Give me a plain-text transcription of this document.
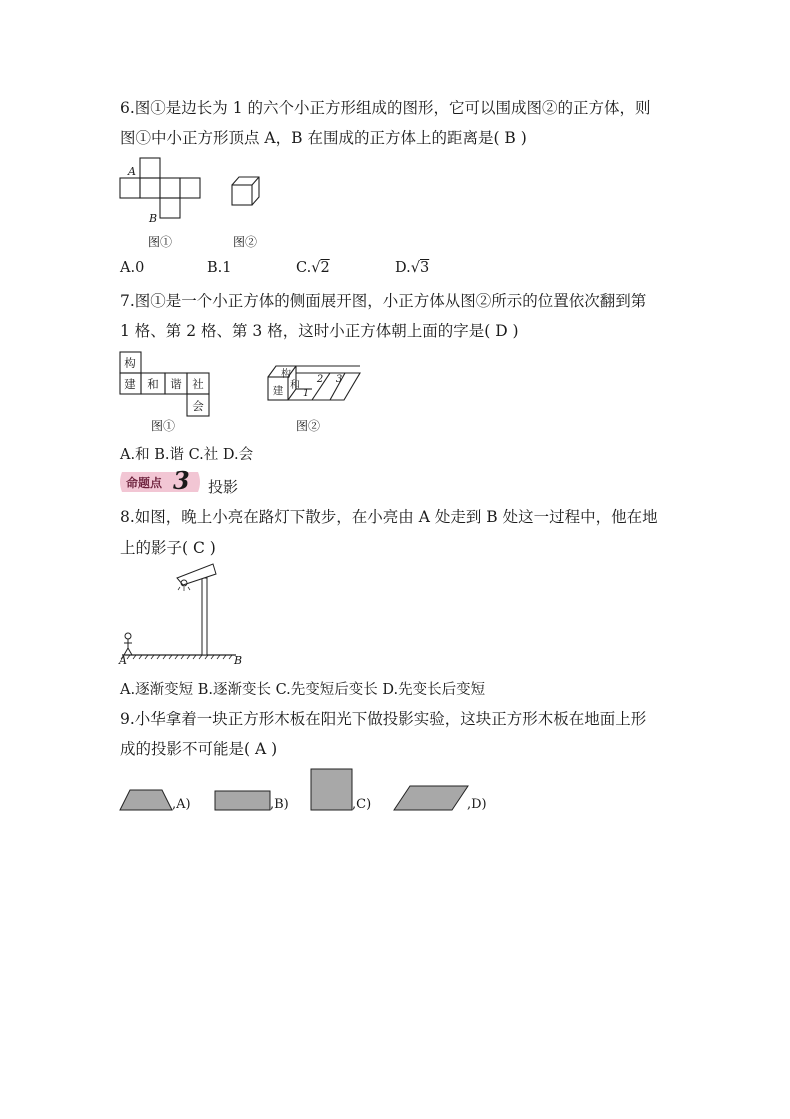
6.图①是边长为 1 的六个小正方形组成的图形，它可以围成图②的正方体，则
图①中小正方形顶点 A，B 在围成的正方体上的距离是( B )
A
B
图①	图②
A.0	B.1	C.√2	D.√3
7.图①是一个小正方体的侧面展开图，小正方体从图②所示的位置依次翻到第
1 格、第 2 格、第 3 格，这时小正方体朝上面的字是( D )
构
建	和	谐 社
会
图①
构
建 和
1
2	3
图②
A.和 B.谐 C.社 D.会
命题点 3 投影
8.如图，晚上小亮在路灯下散步，在小亮由 A 处走到 B 处这一过程中，他在地
上的影子( C )
A	B
A.逐渐变短 B.逐渐变长 C.先变短后变长 D.先变长后变短
9.小华拿着一块正方形木板在阳光下做投影实验，这块正方形木板在地面上形
成的投影不可能是( A )
,A)	,B)	,C)	,D)
